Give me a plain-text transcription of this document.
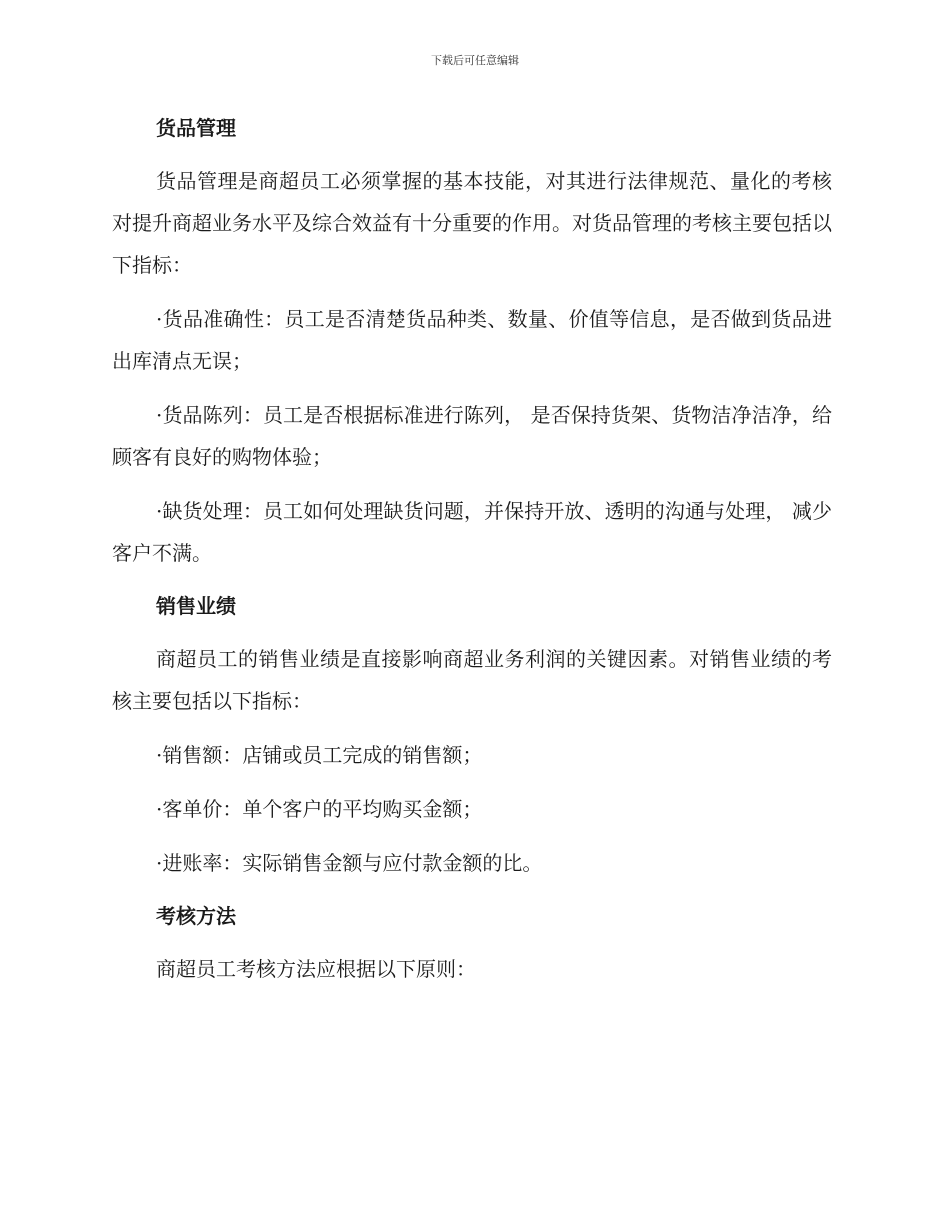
下载后可任意编辑
货品管理

货品管理是商超员工必须掌握的基本技能，对其进行法律规范、量化的考核对提升商超业务水平及综合效益有十分重要的作用。对货品管理的考核主要包括以下指标：

·货品准确性：员工是否清楚货品种类、数量、价值等信息，是否做到货品进出库清点无误；

·货品陈列：员工是否根据标准进行陈列， 是否保持货架、货物洁净洁净，给顾客有良好的购物体验；

·缺货处理：员工如何处理缺货问题，并保持开放、透明的沟通与处理， 减少客户不满。

销售业绩

商超员工的销售业绩是直接影响商超业务利润的关键因素。对销售业绩的考核主要包括以下指标：

·销售额：店铺或员工完成的销售额；

·客单价：单个客户的平均购买金额；

·进账率：实际销售金额与应付款金额的比。

考核方法

商超员工考核方法应根据以下原则：
